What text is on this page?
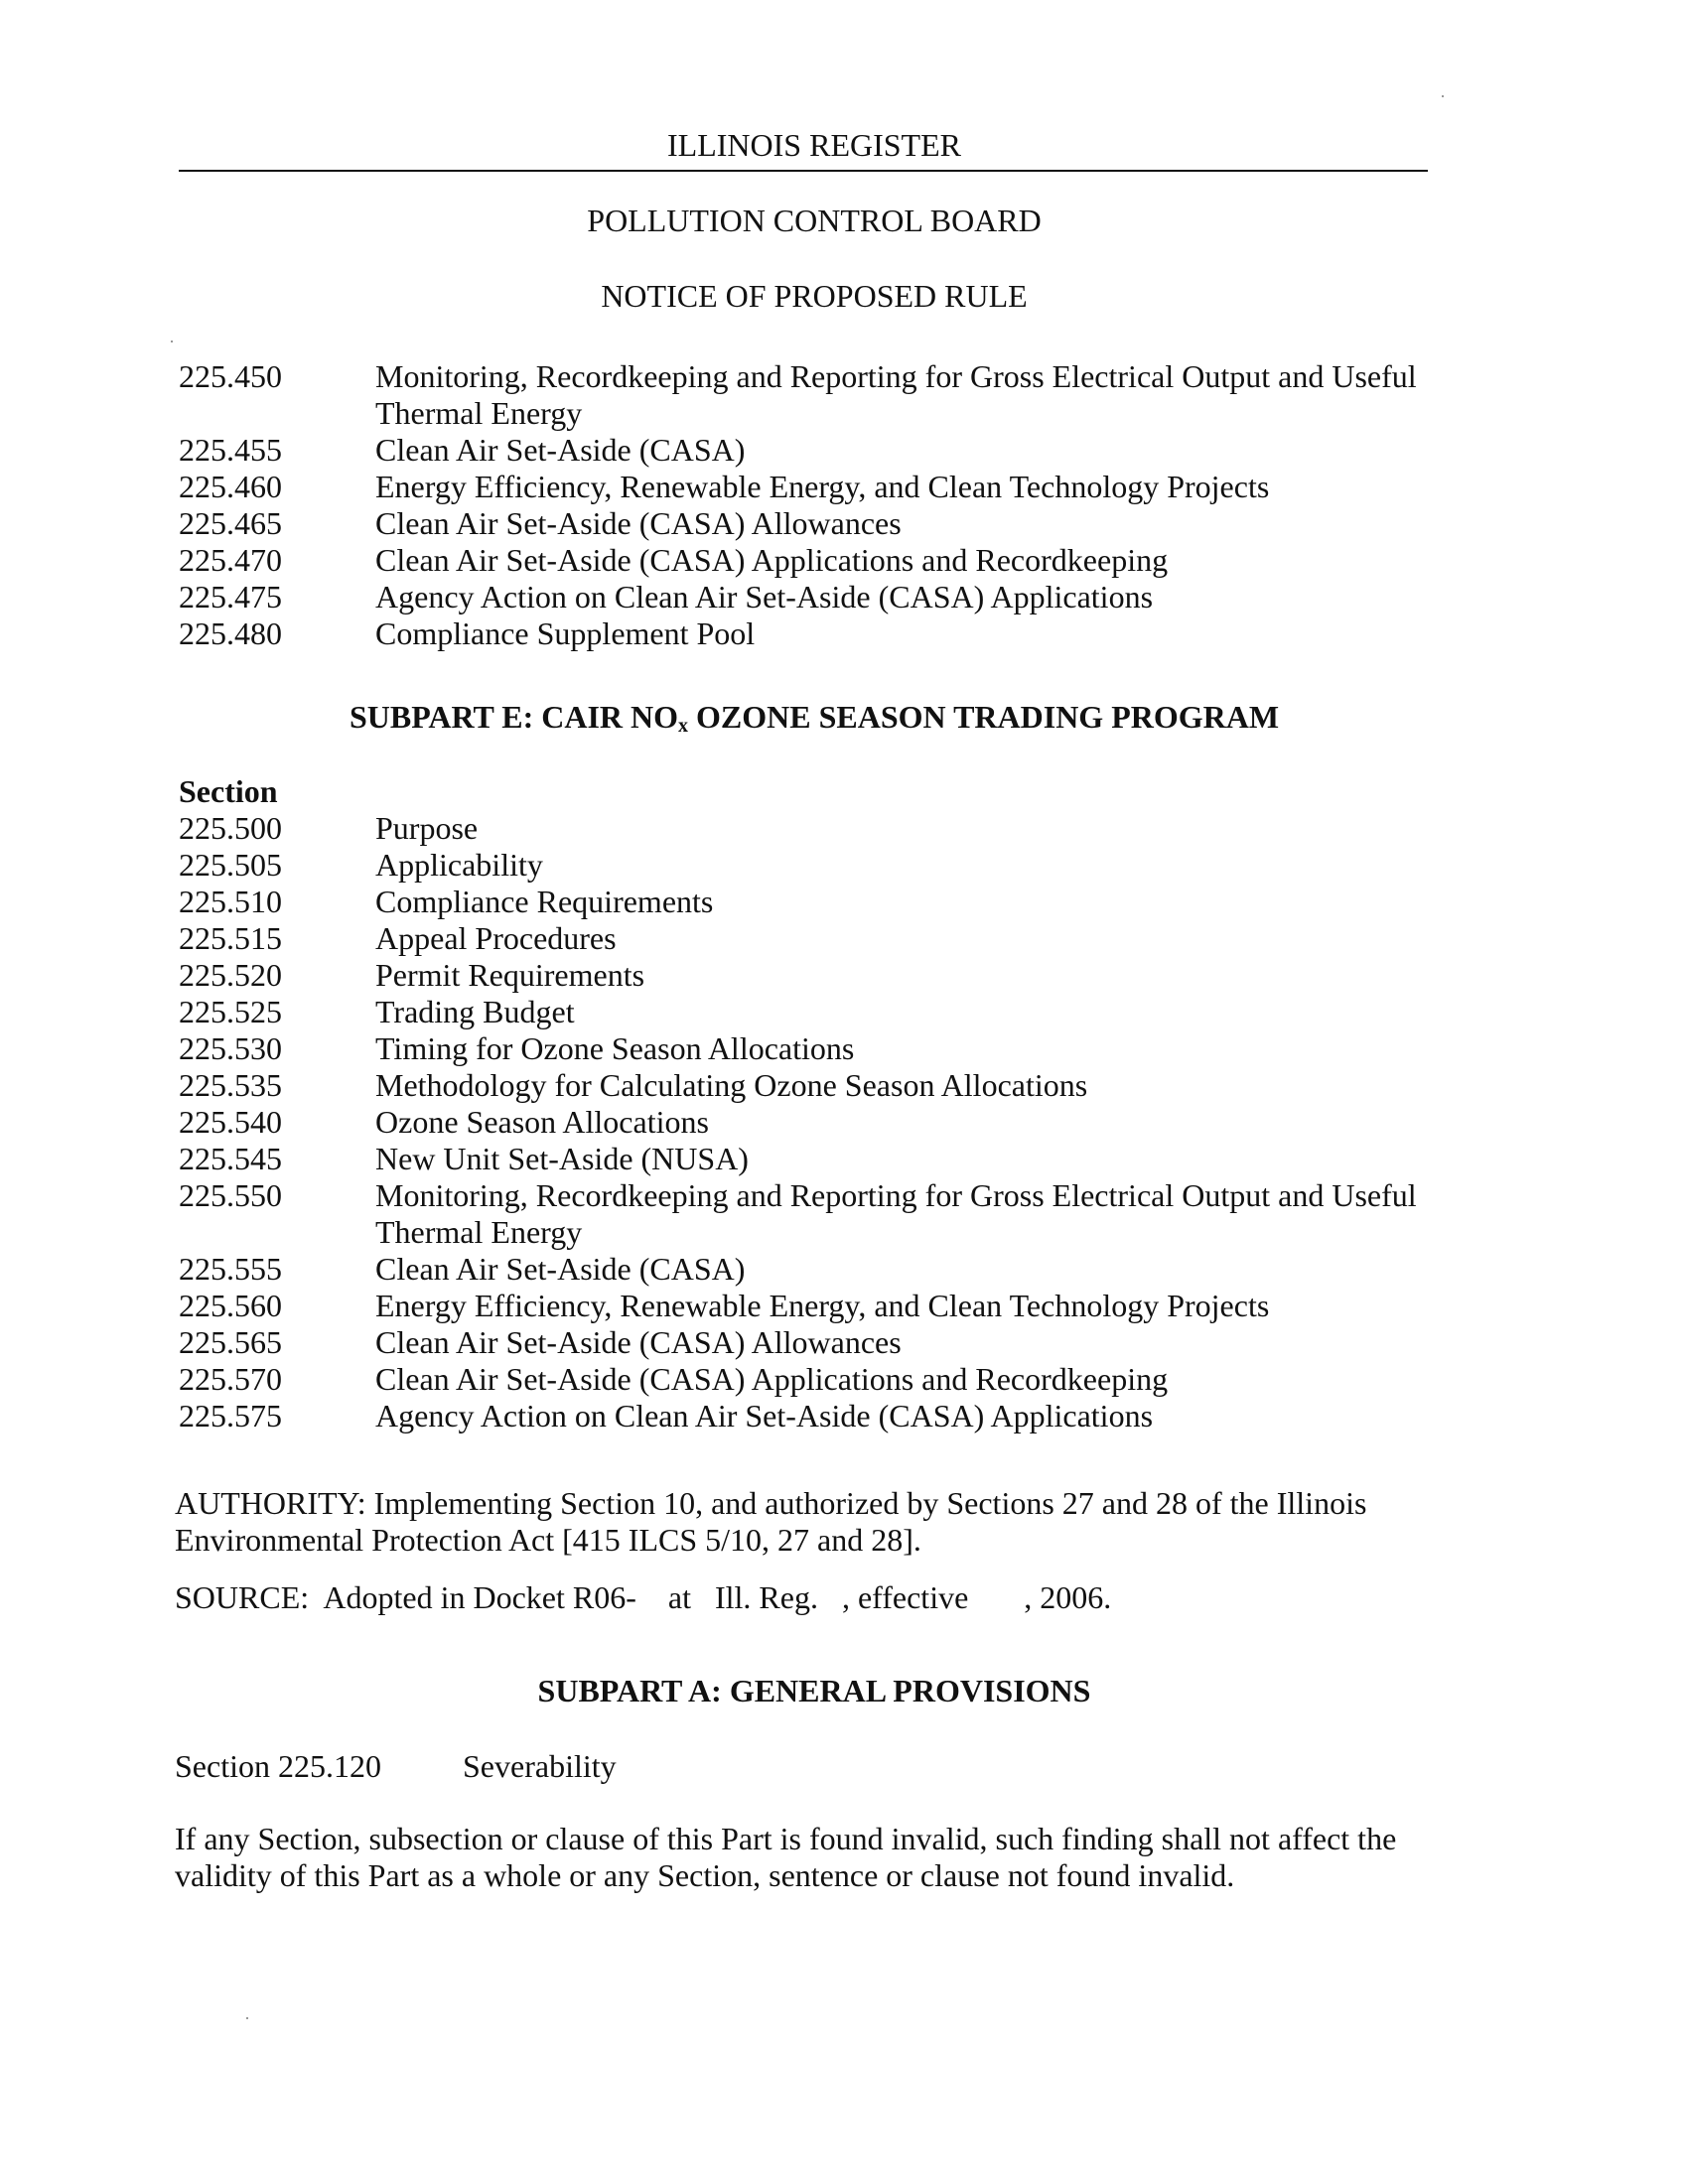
ILLINOIS REGISTER
POLLUTION CONTROL BOARD
NOTICE OF PROPOSED RULE
225.450	Monitoring, Recordkeeping and Reporting for Gross Electrical Output and Useful Thermal Energy
225.455	Clean Air Set-Aside (CASA)
225.460	Energy Efficiency, Renewable Energy, and Clean Technology Projects
225.465	Clean Air Set-Aside (CASA) Allowances
225.470	Clean Air Set-Aside (CASA) Applications and Recordkeeping
225.475	Agency Action on Clean Air Set-Aside (CASA) Applications
225.480	Compliance Supplement Pool
SUBPART E: CAIR NOx OZONE SEASON TRADING PROGRAM
Section
225.500	Purpose
225.505	Applicability
225.510	Compliance Requirements
225.515	Appeal Procedures
225.520	Permit Requirements
225.525	Trading Budget
225.530	Timing for Ozone Season Allocations
225.535	Methodology for Calculating Ozone Season Allocations
225.540	Ozone Season Allocations
225.545	New Unit Set-Aside (NUSA)
225.550	Monitoring, Recordkeeping and Reporting for Gross Electrical Output and Useful Thermal Energy
225.555	Clean Air Set-Aside (CASA)
225.560	Energy Efficiency, Renewable Energy, and Clean Technology Projects
225.565	Clean Air Set-Aside (CASA) Allowances
225.570	Clean Air Set-Aside (CASA) Applications and Recordkeeping
225.575	Agency Action on Clean Air Set-Aside (CASA) Applications
AUTHORITY: Implementing Section 10, and authorized by Sections 27 and 28 of the Illinois Environmental Protection Act [415 ILCS 5/10, 27 and 28].
SOURCE:  Adopted in Docket R06-    at   Ill. Reg.   , effective       , 2006.
SUBPART A: GENERAL PROVISIONS
Section 225.120	Severability
If any Section, subsection or clause of this Part is found invalid, such finding shall not affect the validity of this Part as a whole or any Section, sentence or clause not found invalid.
